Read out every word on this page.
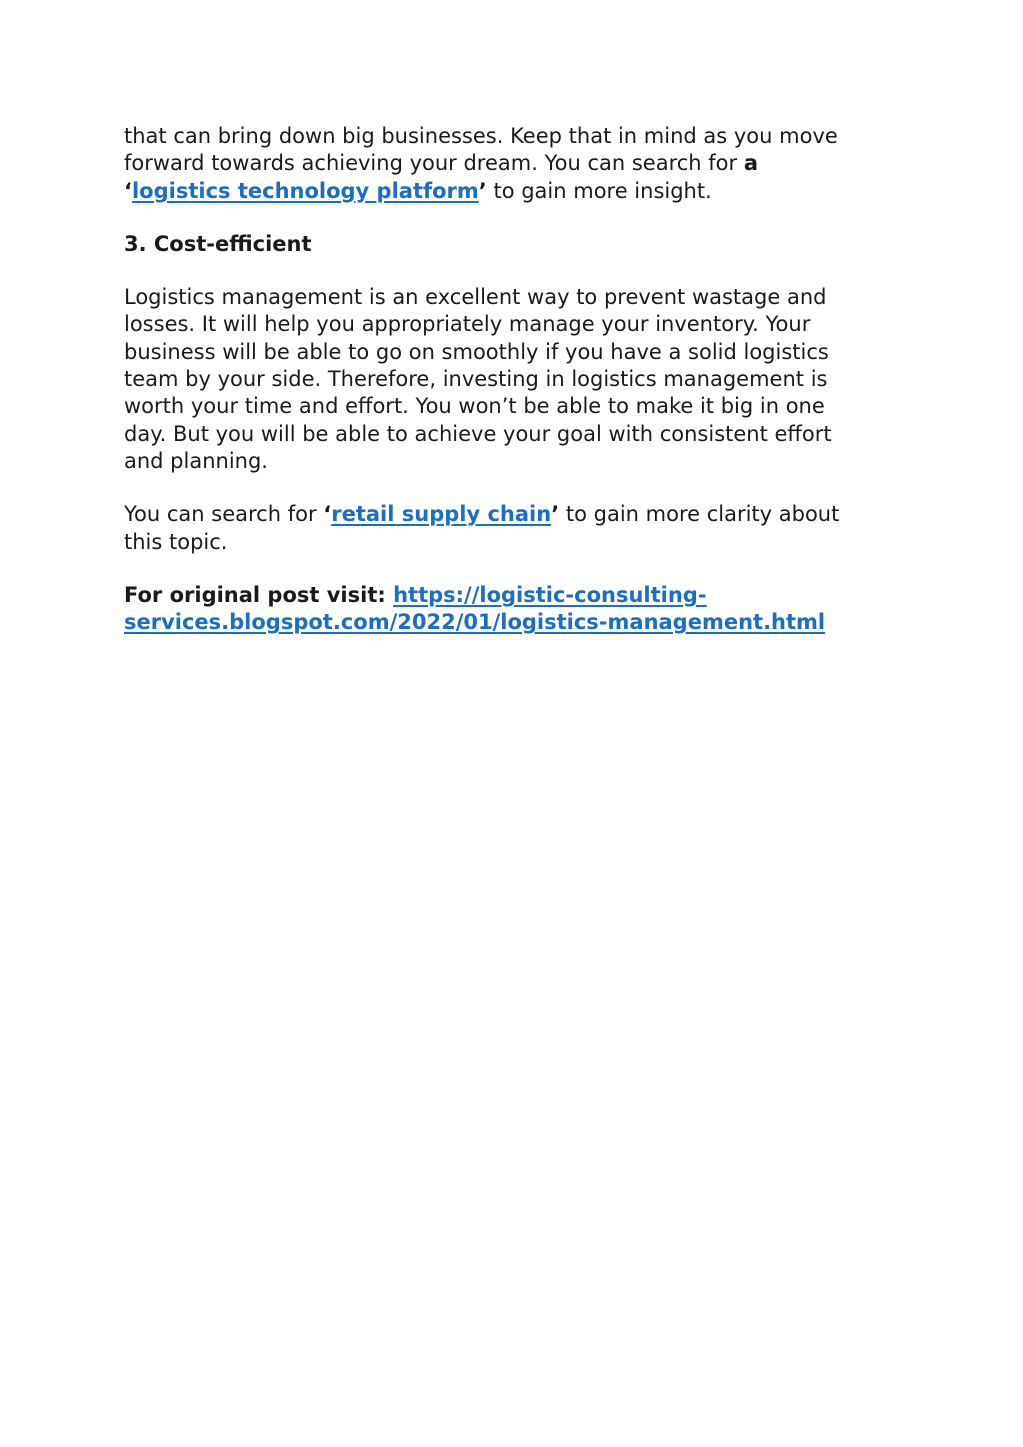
that can bring down big businesses. Keep that in mind as you move
forward towards achieving your dream. You can search for a
‘logistics technology platform’ to gain more insight.

3. Cost-efficient

Logistics management is an excellent way to prevent wastage and
losses. It will help you appropriately manage your inventory. Your
business will be able to go on smoothly if you have a solid logistics
team by your side. Therefore, investing in logistics management is
worth your time and effort. You won’t be able to make it big in one
day. But you will be able to achieve your goal with consistent effort
and planning.

You can search for ‘retail supply chain’ to gain more clarity about
this topic.

For original post visit: https://logistic-consulting-
services.blogspot.com/2022/01/logistics-management.html
